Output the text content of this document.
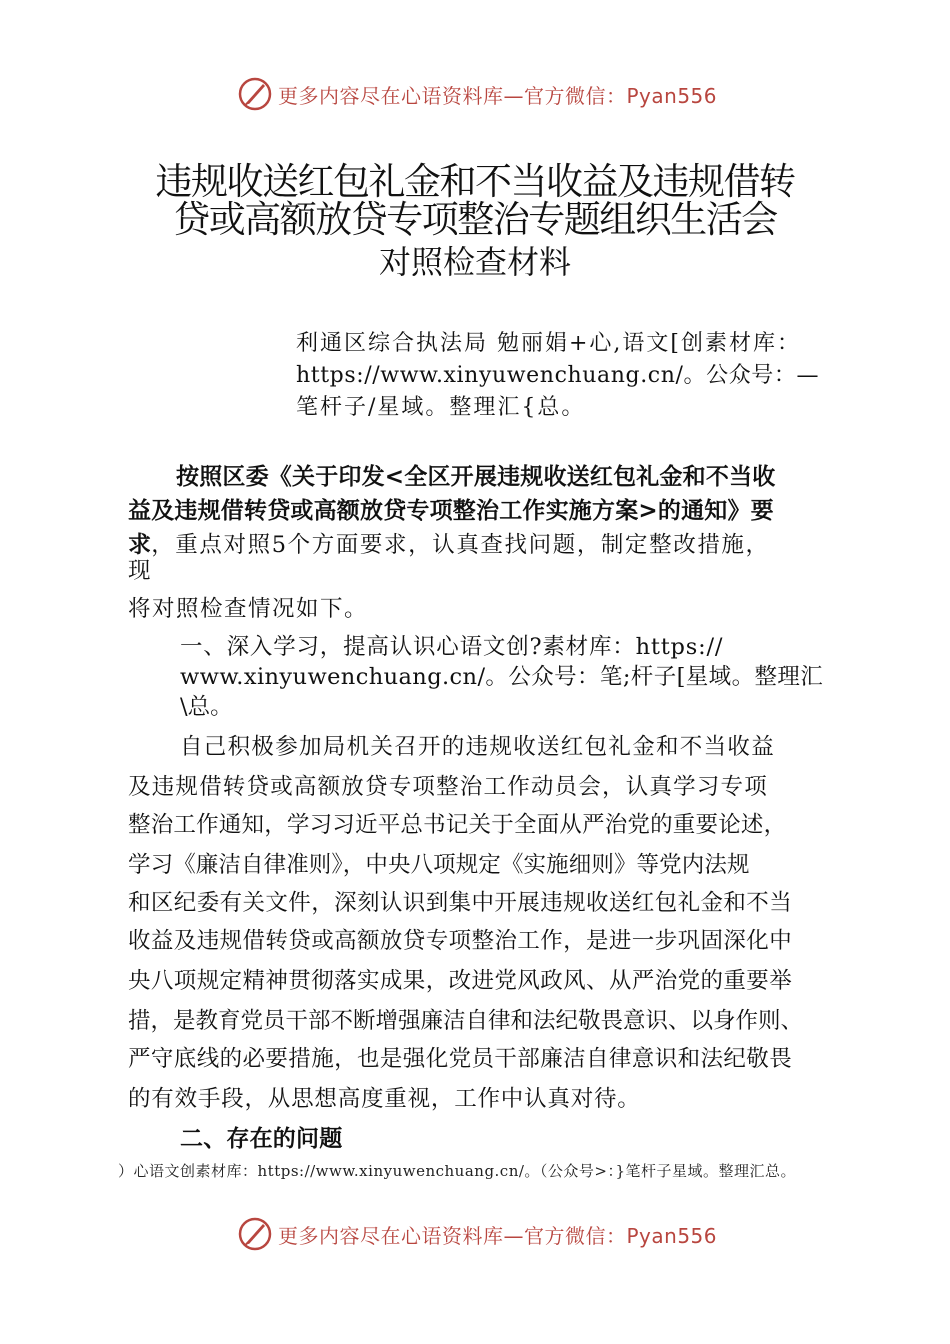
更多内容尽在心语资料库—官方微信：Pyan556
违规收送红包礼金和不当收益及违规借转
贷或高额放贷专项整治专题组织生活会
对照检查材料
利通区综合执法局 勉丽娟+心,语文[创素材库：
https://www.xinyuwenchuang.cn/。公众号：—
笔杆子/星域。整理汇{总。
按照区委《关于印发<全区开展违规收送红包礼金和不当收
益及违规借转贷或高额放贷专项整治工作实施方案>的通知》要
求，重点对照5个方面要求，认真查找问题，制定整改措施，
现
将对照检查情况如下。
一、深入学习，提高认识心语文创?素材库：https://
www.xinyuwenchuang.cn/。公众号：笔;杆子[星域。整理汇
\总。
自己积极参加局机关召开的违规收送红包礼金和不当收益
及违规借转贷或高额放贷专项整治工作动员会，认真学习专项
整治工作通知，学习习近平总书记关于全面从严治党的重要论述，
学习《廉洁自律准则》，中央八项规定《实施细则》等党内法规
和区纪委有关文件，深刻认识到集中开展违规收送红包礼金和不当
收益及违规借转贷或高额放贷专项整治工作，是进一步巩固深化中
央八项规定精神贯彻落实成果，改进党风政风、从严治党的重要举
措，是教育党员干部不断增强廉洁自律和法纪敬畏意识、以身作则、
严守底线的必要措施，也是强化党员干部廉洁自律意识和法纪敬畏
的有效手段，从思想高度重视，工作中认真对待。
二、存在的问题
）心语文创素材库：https://www.xinyuwenchuang.cn/。（公众号>：}笔杆子星域。整理汇总。
更多内容尽在心语资料库—官方微信：Pyan556
